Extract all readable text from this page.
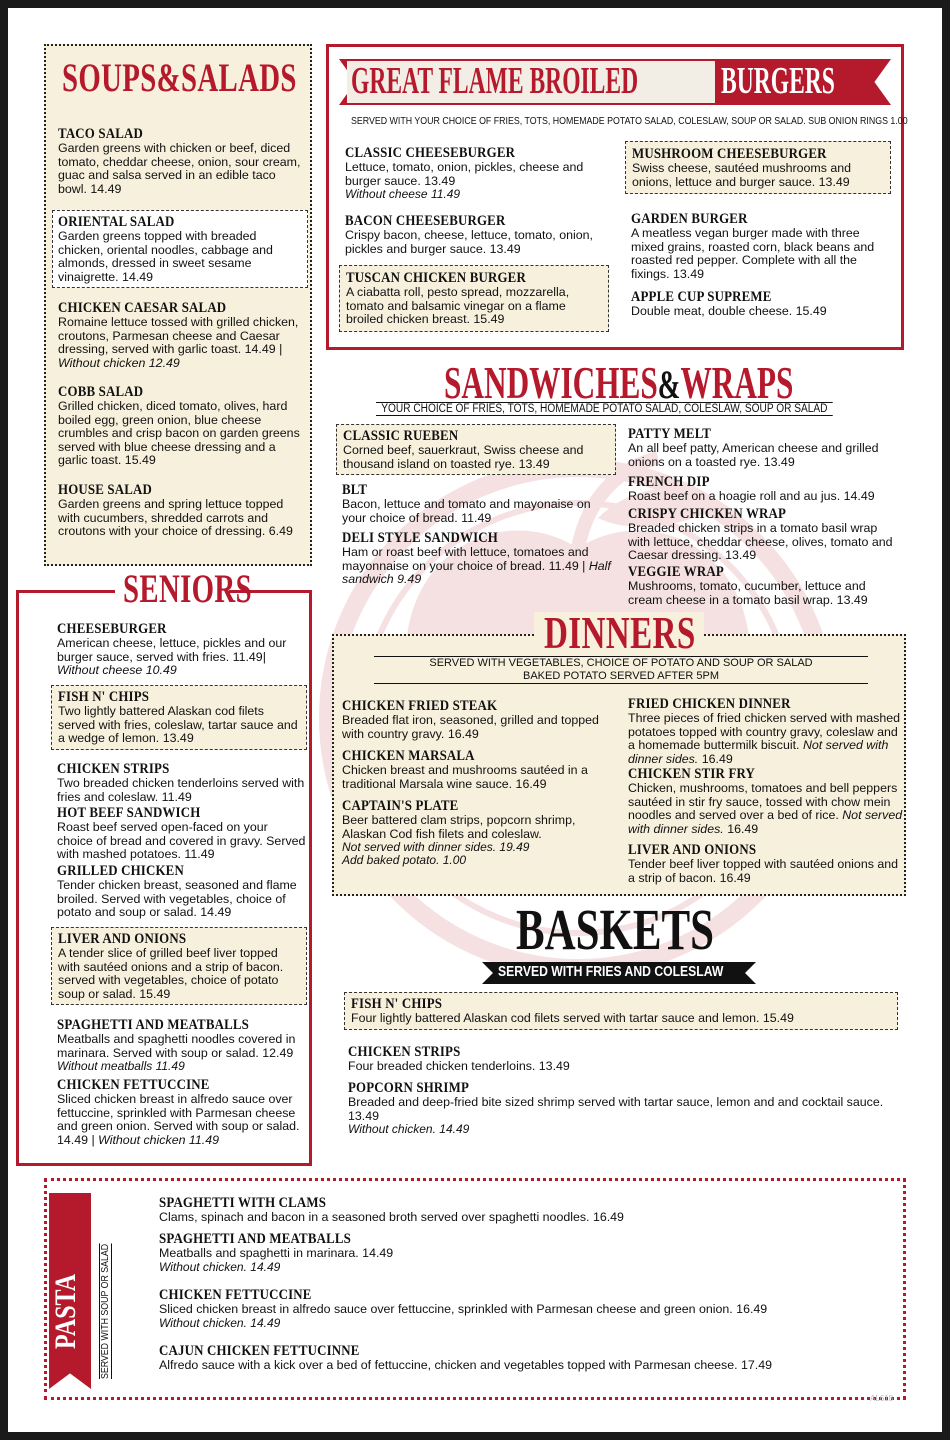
SOUPS&SALADS
TACO SALAD
Garden greens with chicken or beef, diced tomato, cheddar cheese, onion, sour cream, guac and salsa served in an edible taco bowl. 14.49
ORIENTAL SALAD
Garden greens topped with breaded chicken, oriental noodles, cabbage and almonds, dressed in sweet sesame vinaigrette. 14.49
CHICKEN CAESAR SALAD
Romaine lettuce tossed with grilled chicken, croutons, Parmesan cheese and Caesar dressing, served with garlic toast. 14.49 | Without chicken 12.49
COBB SALAD
Grilled chicken, diced tomato, olives, hard boiled egg, green onion, blue cheese crumbles and crisp bacon on garden greens served with blue cheese dressing and a garlic toast. 15.49
HOUSE SALAD
Garden greens and spring lettuce topped with cucumbers, shredded carrots and croutons with your choice of dressing. 6.49
GREAT FLAME BROILED BURGERS
SERVED WITH YOUR CHOICE OF FRIES, TOTS, HOMEMADE POTATO SALAD, COLESLAW, SOUP OR SALAD. SUB ONION RINGS 1.00
CLASSIC CHEESEBURGER
Lettuce, tomato, onion, pickles, cheese and burger sauce. 13.49
Without cheese 11.49
BACON CHEESEBURGER
Crispy bacon, cheese, lettuce, tomato, onion, pickles and burger sauce. 13.49
TUSCAN CHICKEN BURGER
A ciabatta roll, pesto spread, mozzarella, tomato and balsamic vinegar on a flame broiled chicken breast. 15.49
MUSHROOM CHEESEBURGER
Swiss cheese, sautéed mushrooms and onions, lettuce and burger sauce. 13.49
GARDEN BURGER
A meatless vegan burger made with three mixed grains, roasted corn, black beans and roasted red pepper. Complete with all the fixings. 13.49
APPLE CUP SUPREME
Double meat, double cheese. 15.49
SANDWICHES&WRAPS
YOUR CHOICE OF FRIES, TOTS, HOMEMADE POTATO SALAD, COLESLAW, SOUP OR SALAD
CLASSIC RUEBEN
Corned beef, sauerkraut, Swiss cheese and thousand island on toasted rye. 13.49
BLT
Bacon, lettuce and tomato and mayonaise on your choice of bread. 11.49
DELI STYLE SANDWICH
Ham or roast beef with lettuce, tomatoes and mayonnaise on your choice of bread. 11.49 | Half sandwich 9.49
PATTY MELT
An all beef patty, American cheese and grilled onions on a toasted rye. 13.49
FRENCH DIP
Roast beef on a hoagie roll and au jus. 14.49
CRISPY CHICKEN WRAP
Breaded chicken strips in a tomato basil wrap with lettuce, cheddar cheese, olives, tomato and Caesar dressing. 13.49
VEGGIE WRAP
Mushrooms, tomato, cucumber, lettuce and cream cheese in a tomato basil wrap. 13.49
SENIORS
CHEESEBURGER
American cheese, lettuce, pickles and our burger sauce, served with fries. 11.49| Without cheese 10.49
FISH N' CHIPS
Two lightly battered Alaskan cod filets served with fries, coleslaw, tartar sauce and a wedge of lemon. 13.49
CHICKEN STRIPS
Two breaded chicken tenderloins served with fries and coleslaw. 11.49
HOT BEEF SANDWICH
Roast beef served open-faced on your choice of bread and covered in gravy. Served with mashed potatoes. 11.49
GRILLED CHICKEN
Tender chicken breast, seasoned and flame broiled. Served with vegetables, choice of potato and soup or salad. 14.49
LIVER AND ONIONS
A tender slice of grilled beef liver topped with sautéed onions and a strip of bacon. served with vegetables, choice of potato soup or salad. 15.49
SPAGHETTI AND MEATBALLS
Meatballs and spaghetti noodles covered in marinara. Served with soup or salad. 12.49
Without meatballs 11.49
CHICKEN FETTUCCINE
Sliced chicken breast in alfredo sauce over fettuccine, sprinkled with Parmesan cheese and green onion. Served with soup or salad. 14.49 | Without chicken 11.49
DINNERS
SERVED WITH VEGETABLES, CHOICE OF POTATO AND SOUP OR SALAD
BAKED POTATO SERVED AFTER 5PM
CHICKEN FRIED STEAK
Breaded flat iron, seasoned, grilled and topped with country gravy. 16.49
CHICKEN MARSALA
Chicken breast and mushrooms sautéed in a traditional Marsala wine sauce. 16.49
CAPTAIN'S PLATE
Beer battered clam strips, popcorn shrimp, Alaskan Cod fish filets and coleslaw.
Not served with dinner sides. 19.49
Add baked potato. 1.00
FRIED CHICKEN DINNER
Three pieces of fried chicken served with mashed potatoes topped with country gravy, coleslaw and a homemade buttermilk biscuit. Not served with dinner sides. 16.49
CHICKEN STIR FRY
Chicken, mushrooms, tomatoes and bell peppers sautéed in stir fry sauce, tossed with chow mein noodles and served over a bed of rice. Not served with dinner sides. 16.49
LIVER AND ONIONS
Tender beef liver topped with sautéed onions and a strip of bacon. 16.49
BASKETS
SERVED WITH FRIES AND COLESLAW
FISH N' CHIPS
Four lightly battered Alaskan cod filets served with tartar sauce and lemon. 15.49
CHICKEN STRIPS
Four breaded chicken tenderloins. 13.49
POPCORN SHRIMP
Breaded and deep-fried bite sized shrimp served with tartar sauce, lemon and and cocktail sauce. 13.49
Without chicken. 14.49
PASTA SERVED WITH SOUP OR SALAD
SPAGHETTI WITH CLAMS
Clams, spinach and bacon in a seasoned broth served over spaghetti noodles. 16.49
SPAGHETTI AND MEATBALLS
Meatballs and spaghetti in marinara. 14.49
Without chicken. 14.49
CHICKEN FETTUCCINE
Sliced chicken breast in alfredo sauce over fettuccine, sprinkled with Parmesan cheese and green onion. 16.49
Without chicken. 14.49
CAJUN CHICKEN FETTUCINNE
Alfredo sauce with a kick over a bed of fettuccine, chicken and vegetables topped with Parmesan cheese. 17.49
AL618
